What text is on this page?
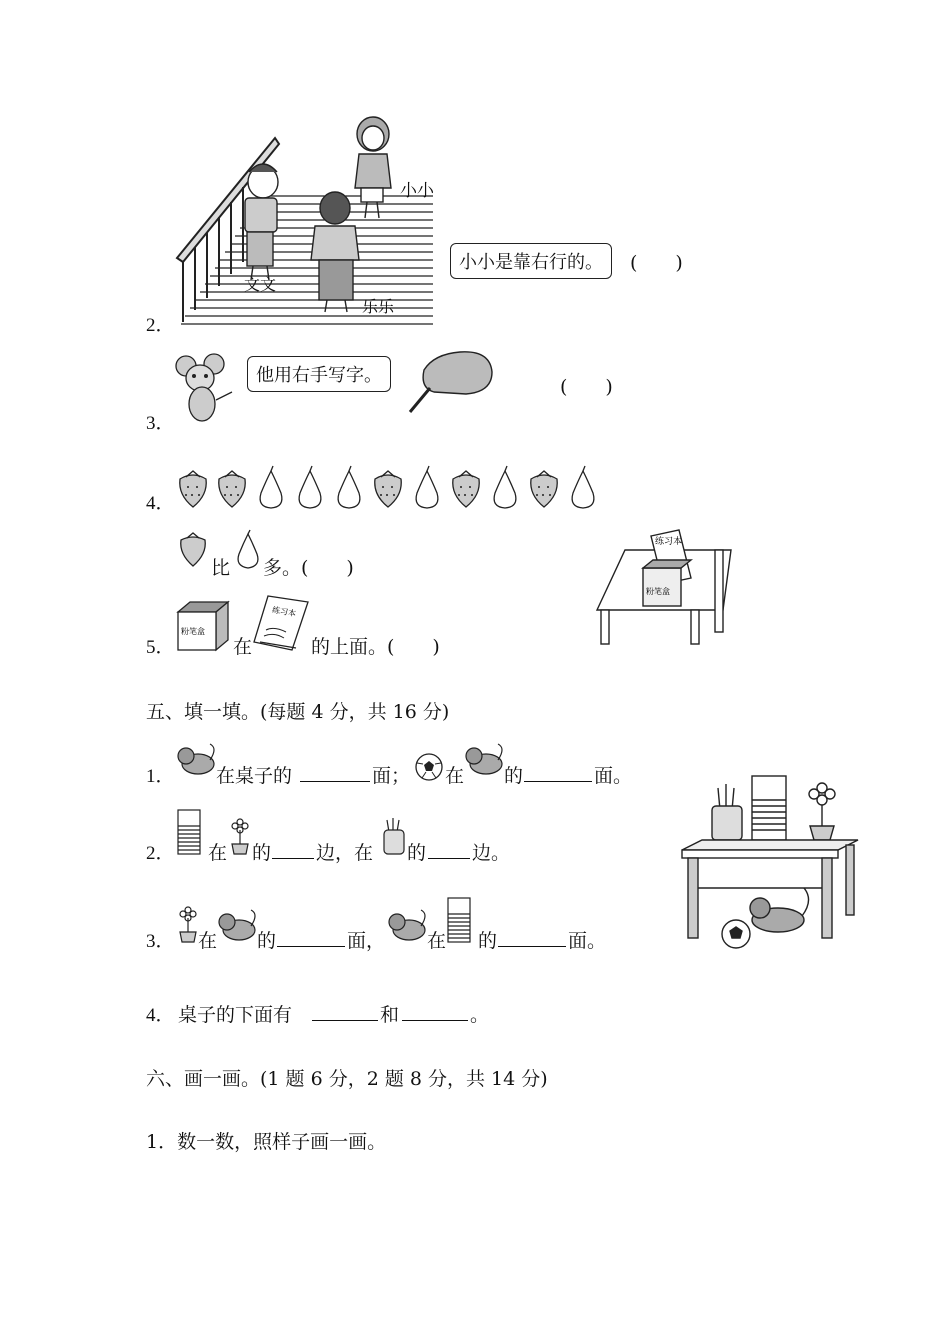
2．
小小
文文
乐乐
小小是靠右行的。	(　　)
3．
他用右手写字。
(　　)
4．
比 多。(　　)
练习本
粉笔盒
5．
粉笔盒
在
练习本
的上面。(　　)
五、填一填。(每题 4 分，共 16 分)
1． 在桌子的	面； 在 的	面。
2． 在 的 边，在 的 边。
3． 在 的	面， 在 的	面。
4． 桌子的下面有	和	。
六、画一画。(1 题 6 分，2 题 8 分，共 14 分)
1．数一数，照样子画一画。
